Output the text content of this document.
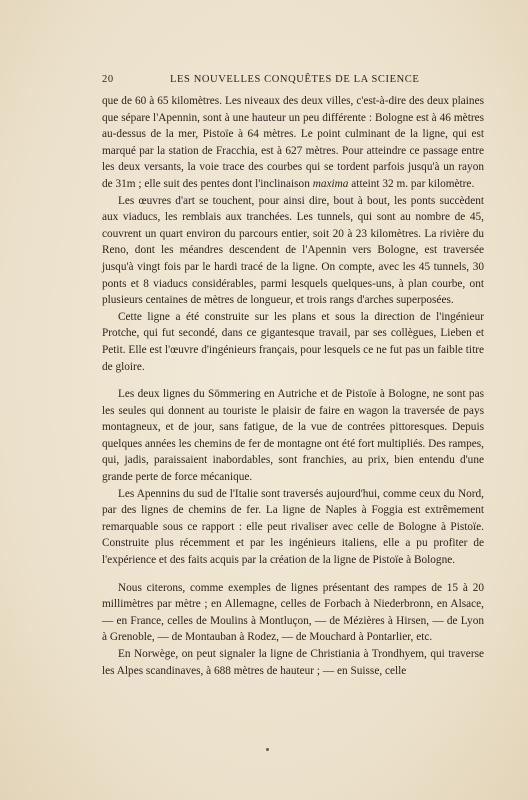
20	LES NOUVELLES CONQUÊTES DE LA SCIENCE

que de 60 à 65 kilomètres. Les niveaux des deux villes, c'est-à-dire des deux plaines que sépare l'Apennin, sont à une hauteur un peu différente : Bologne est à 46 mètres au-dessus de la mer, Pistoïe à 64 mètres. Le point culminant de la ligne, qui est marqué par la station de Fracchia, est à 627 mètres. Pour atteindre ce passage entre les deux versants, la voie trace des courbes qui se tordent parfois jusqu'à un rayon de 31m ; elle suit des pentes dont l'inclinaison maxima atteint 32 m. par kilomètre.

Les œuvres d'art se touchent, pour ainsi dire, bout à bout, les ponts succèdent aux viaducs, les remblais aux tranchées. Les tunnels, qui sont au nombre de 45, couvrent un quart environ du parcours entier, soit 20 à 23 kilomètres. La rivière du Reno, dont les méandres descendent de l'Apennin vers Bologne, est traversée jusqu'à vingt fois par le hardi tracé de la ligne. On compte, avec les 45 tunnels, 30 ponts et 8 viaducs considérables, parmi lesquels quelques-uns, à plan courbe, ont plusieurs centaines de mètres de longueur, et trois rangs d'arches superposées.

Cette ligne a été construite sur les plans et sous la direction de l'ingénieur Protche, qui fut secondé, dans ce gigantesque travail, par ses collègues, Lieben et Petit. Elle est l'œuvre d'ingénieurs français, pour lesquels ce ne fut pas un faible titre de gloire.

Les deux lignes du Sömmering en Autriche et de Pistoïe à Bologne, ne sont pas les seules qui donnent au touriste le plaisir de faire en wagon la traversée de pays montagneux, et de jour, sans fatigue, de la vue de contrées pittoresques. Depuis quelques années les chemins de fer de montagne ont été fort multipliés. Des rampes, qui, jadis, paraissaient inabordables, sont franchies, au prix, bien entendu d'une grande perte de force mécanique.

Les Apennins du sud de l'Italie sont traversés aujourd'hui, comme ceux du Nord, par des lignes de chemins de fer. La ligne de Naples à Foggia est extrêmement remarquable sous ce rapport : elle peut rivaliser avec celle de Bologne à Pistoïe. Construite plus récemment et par les ingénieurs italiens, elle a pu profiter de l'expérience et des faits acquis par la création de la ligne de Pistoïe à Bologne.

Nous citerons, comme exemples de lignes présentant des rampes de 15 à 20 millimètres par mètre ; en Allemagne, celles de Forbach à Niederbronn, en Alsace, — en France, celles de Moulins à Montluçon, — de Mézières à Hirsen, — de Lyon à Grenoble, — de Montauban à Rodez, — de Mouchard à Pontarlier, etc.

En Norwège, on peut signaler la ligne de Christiania à Trondhyem, qui traverse les Alpes scandinaves, à 688 mètres de hauteur ; — en Suisse, celle
